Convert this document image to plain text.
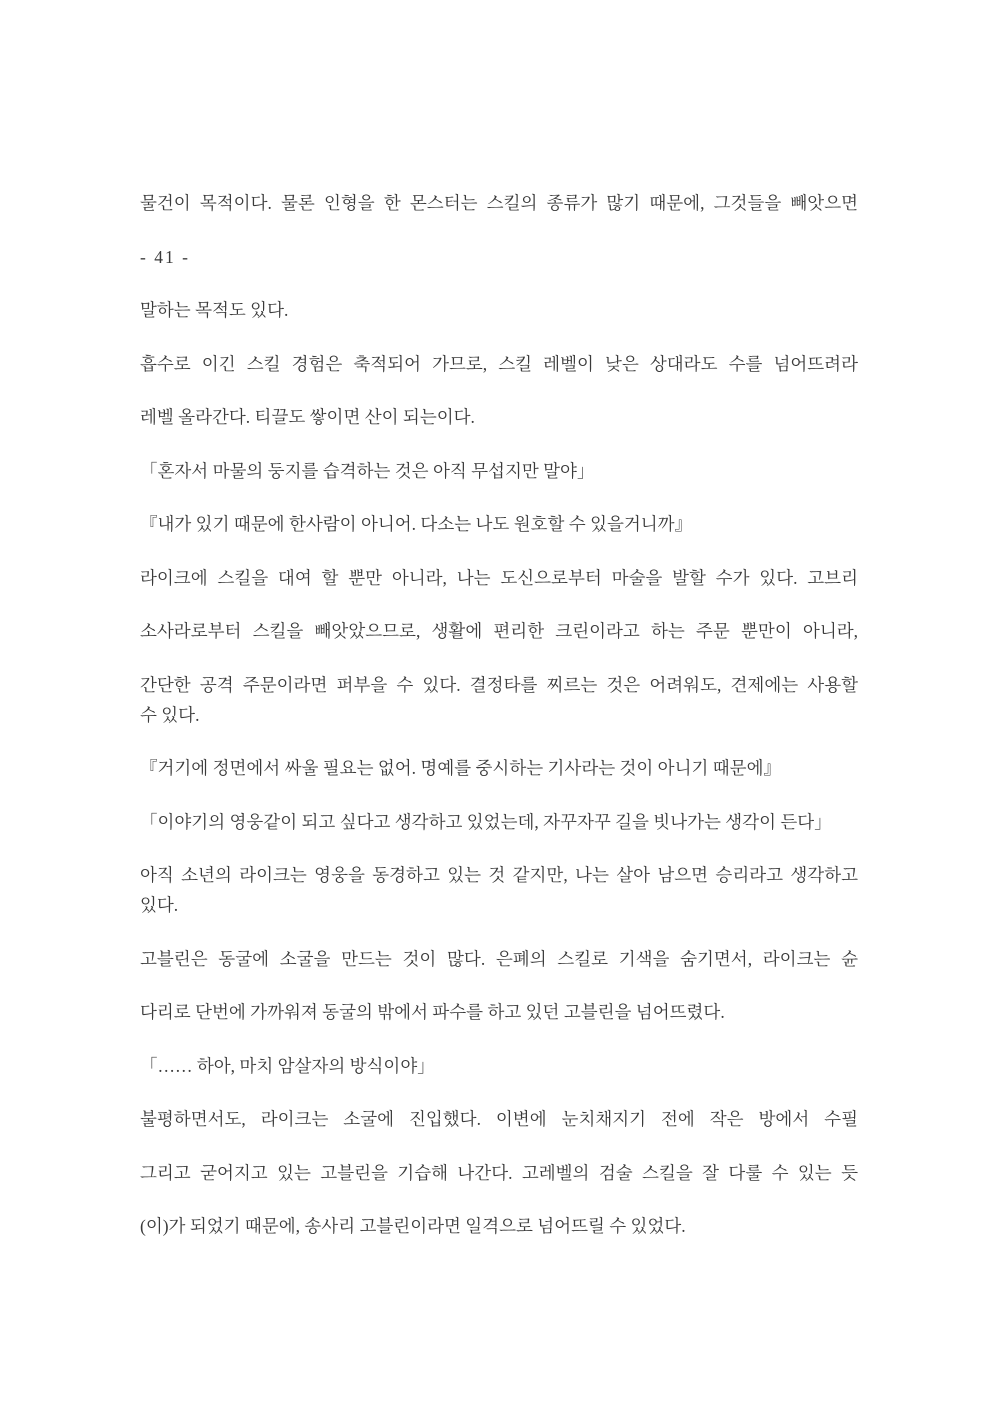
물건이 목적이다. 물론 인형을 한 몬스터는 스킬의 종류가 많기 때문에, 그것들을 빼앗으면
- 41 -
말하는 목적도 있다.
흡수로 이긴 스킬 경험은 축적되어 가므로, 스킬 레벨이 낮은 상대라도 수를 넘어뜨려라
레벨 올라간다. 티끌도 쌓이면 산이 되는이다.
「혼자서 마물의 둥지를 습격하는 것은 아직 무섭지만 말야」
『내가 있기 때문에 한사람이 아니어. 다소는 나도 원호할 수 있을거니까』
라이크에 스킬을 대여 할 뿐만 아니라, 나는 도신으로부터 마술을 발할 수가 있다. 고브리
소사라로부터 스킬을 빼앗았으므로, 생활에 편리한 크린이라고 하는 주문 뿐만이 아니라,
간단한 공격 주문이라면 퍼부을 수 있다. 결정타를 찌르는 것은 어려워도, 견제에는 사용할
수 있다.
『거기에 정면에서 싸울 필요는 없어. 명예를 중시하는 기사라는 것이 아니기 때문에』
「이야기의 영웅같이 되고 싶다고 생각하고 있었는데, 자꾸자꾸 길을 빗나가는 생각이 든다」
아직 소년의 라이크는 영웅을 동경하고 있는 것 같지만, 나는 살아 남으면 승리라고 생각하고
있다.
고블린은 동굴에 소굴을 만드는 것이 많다. 은폐의 스킬로 기색을 숨기면서, 라이크는 슌
다리로 단번에 가까워져 동굴의 밖에서 파수를 하고 있던 고블린을 넘어뜨렸다.
「…… 하아, 마치 암살자의 방식이야」
불평하면서도, 라이크는 소굴에 진입했다. 이변에 눈치채지기 전에 작은 방에서 수필
그리고 굳어지고 있는 고블린을 기습해 나간다. 고레벨의 검술 스킬을 잘 다룰 수 있는 듯
(이)가 되었기 때문에, 송사리 고블린이라면 일격으로 넘어뜨릴 수 있었다.
